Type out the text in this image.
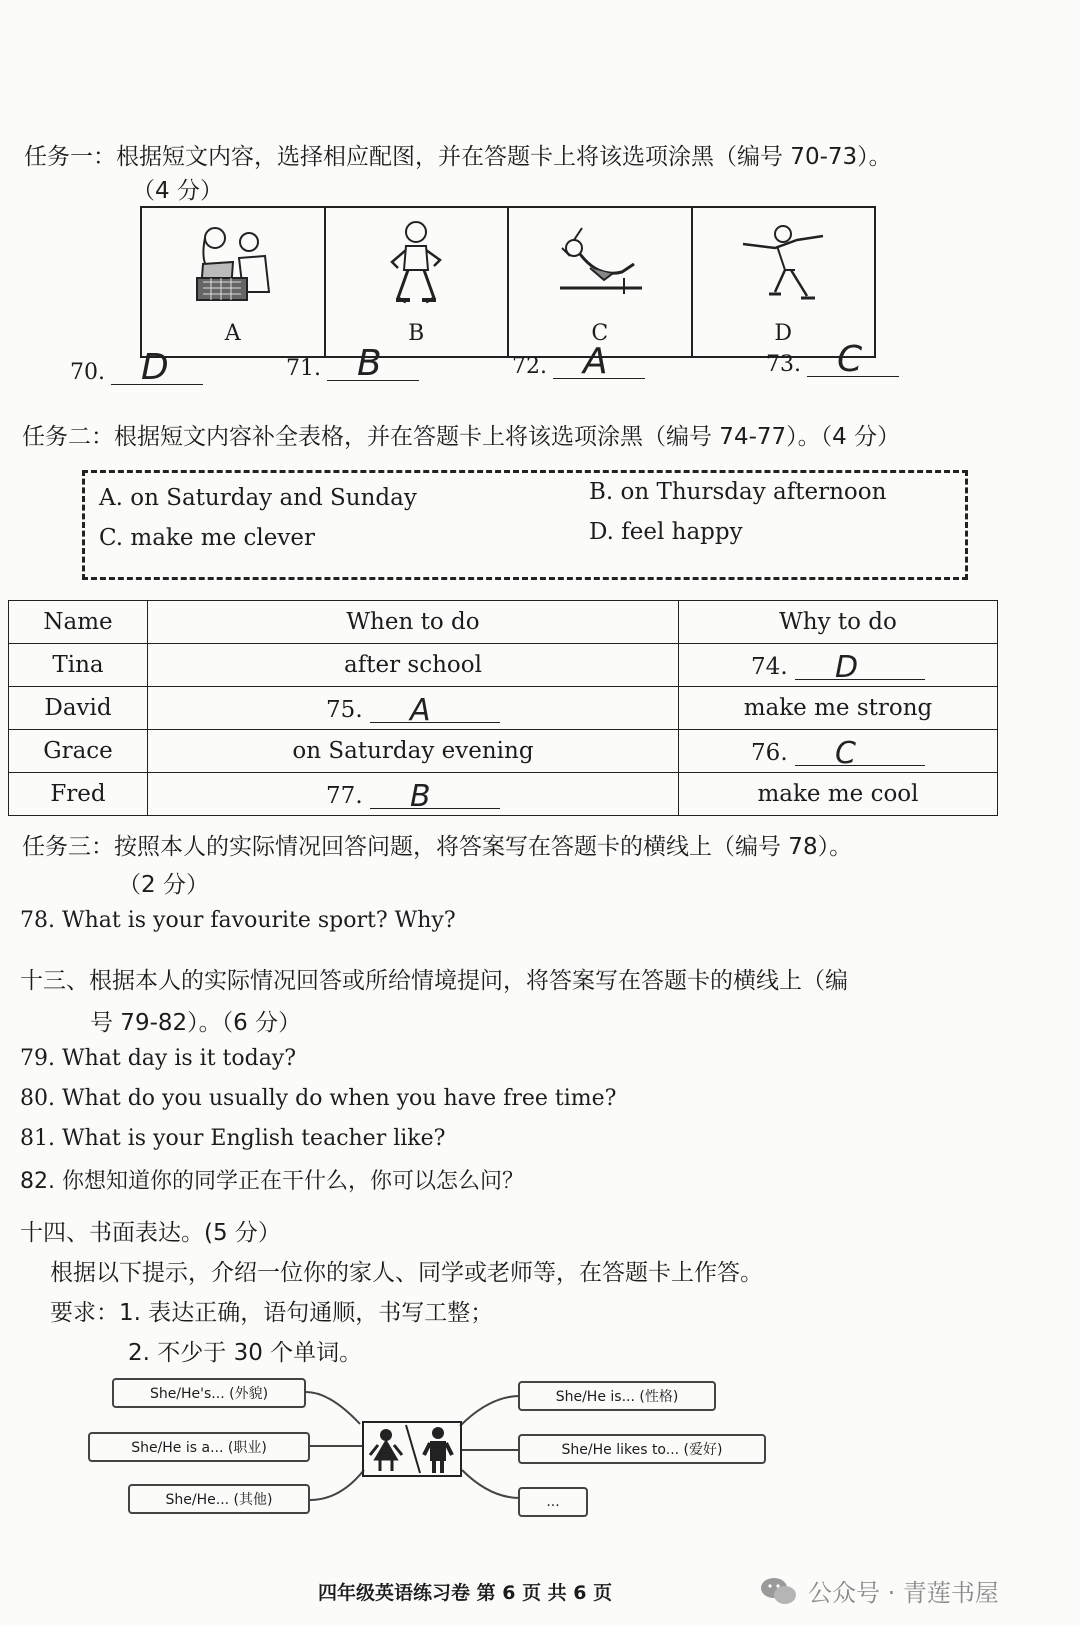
任务一：根据短文内容，选择相应配图，并在答题卡上将该选项涂黑（编号 70-73）。
（4 分）
A	B	C	D
70. D	71. B	72. A	73. C
任务二：根据短文内容补全表格，并在答题卡上将该选项涂黑（编号 74-77）。（4 分）
A. on Saturday and Sunday	B. on Thursday afternoon
C. make me clever	D. feel happy
Name	When to do	Why to do
Tina	after school	74. D

David	75. A	make me strong
Grace	on Saturday evening	76. C

Fred	77. B	make me cool
任务三：按照本人的实际情况回答问题，将答案写在答题卡的横线上（编号 78）。
（2 分）
78. What is your favourite sport? Why?
十三、根据本人的实际情况回答或所给情境提问，将答案写在答题卡的横线上（编
号 79-82）。（6 分）
79. What day is it today?
80. What do you usually do when you have free time?
81. What is your English teacher like?
82. 你想知道你的同学正在干什么，你可以怎么问？
十四、书面表达。(5 分）
根据以下提示，介绍一位你的家人、同学或老师等，在答题卡上作答。
要求：1. 表达正确，语句通顺，书写工整；
2. 不少于 30 个单词。
She/He's... (外貌)
She/He is a... (职业)
She/He... (其他)
She/He is... (性格)
She/He likes to... (爱好)
...
四年级英语练习卷 第 6 页 共 6 页	公众号 · 青莲书屋
